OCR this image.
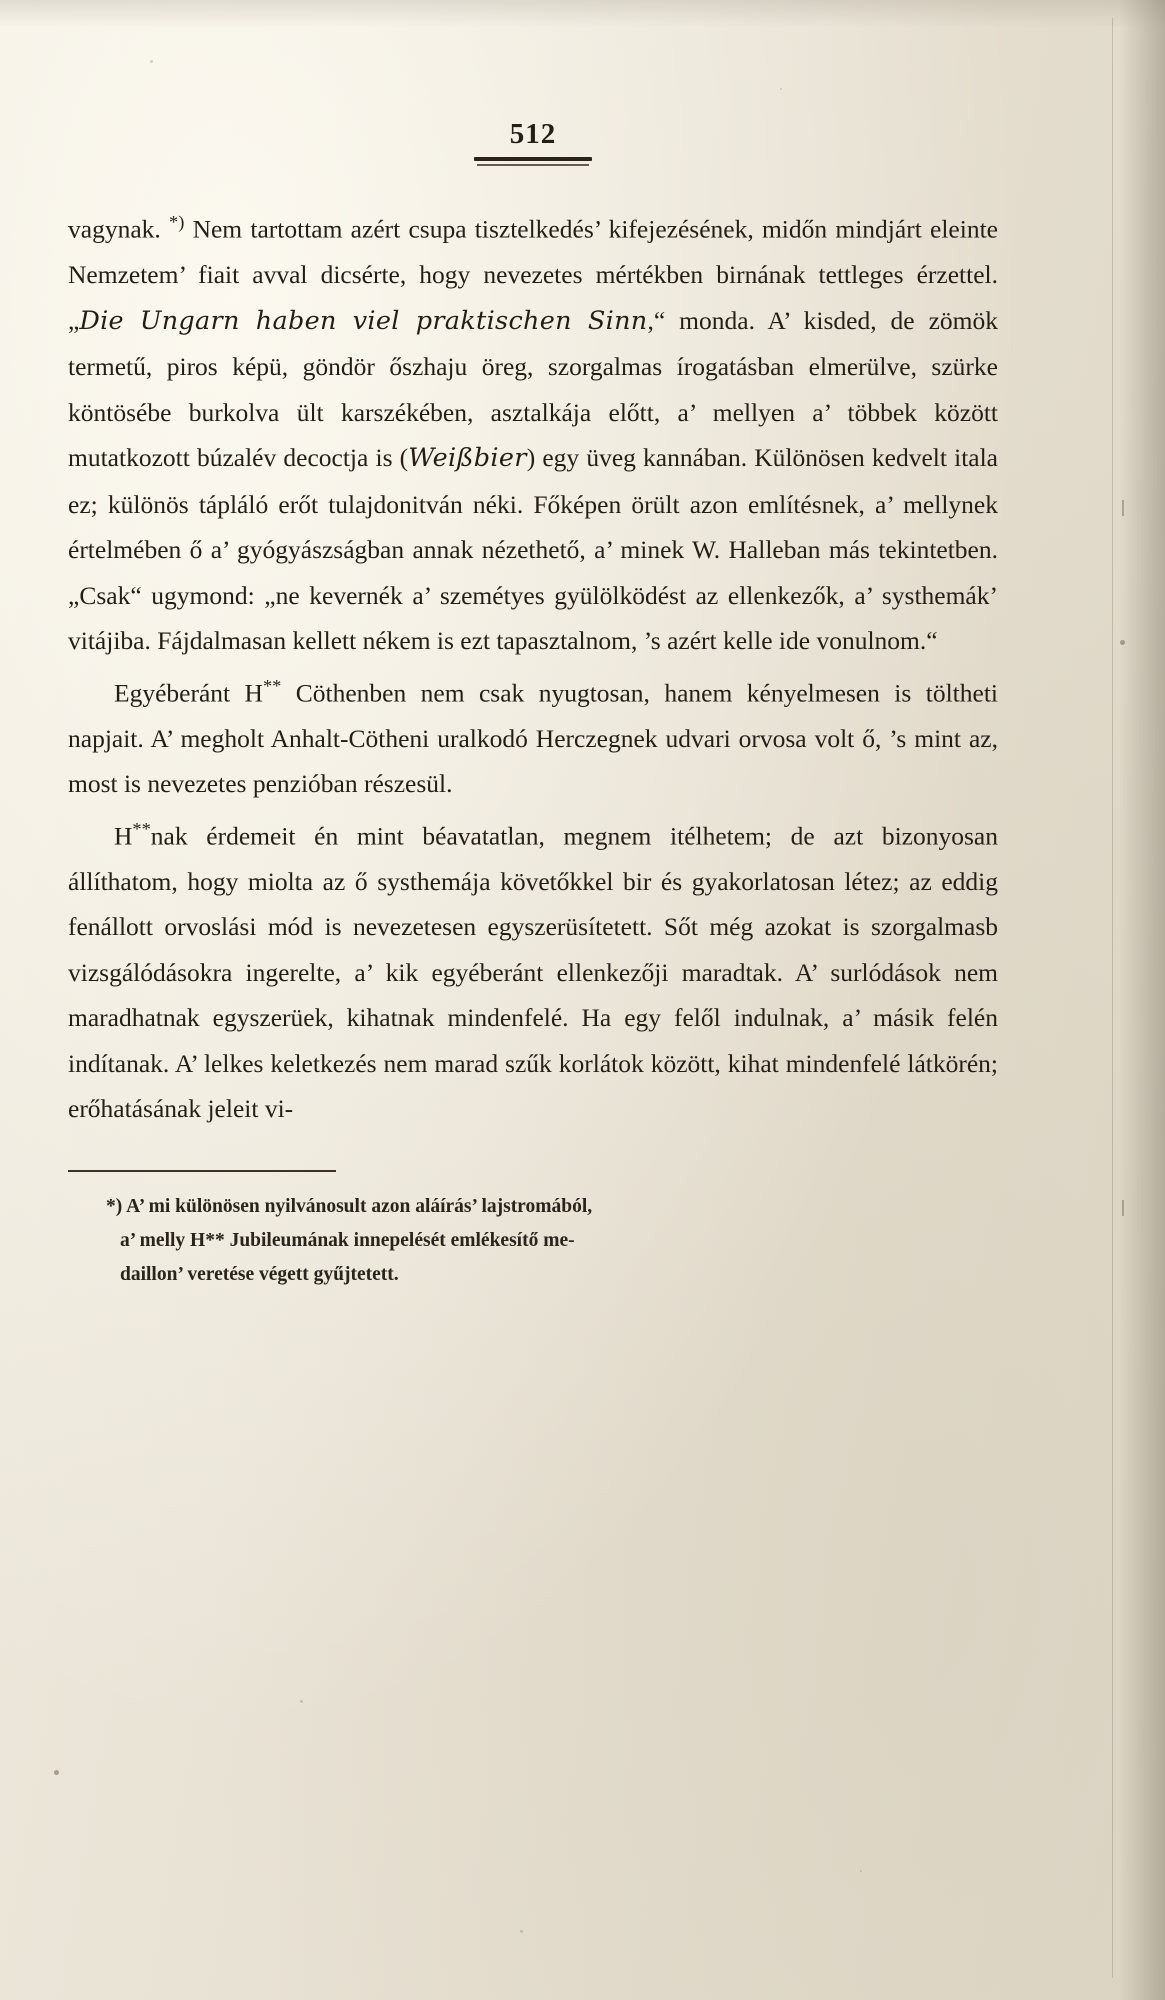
512

vagynak. *) Nem tartottam azért csupa tisztelkedés’ kifejezésének, midőn mindjárt eleinte Nemzetem’ fiait avval dicsérte, hogy nevezetes mértékben birnának tettleges érzettel. „Die Ungarn haben viel praktischen Sinn,“ monda. A’ kisded, de zömök termetű, piros képü, göndör őszhaju öreg, szorgalmas írogatásban elmerülve, szürke köntösébe burkolva ült karszékében, asztalkája előtt, a’ mellyen a’ többek között mutatkozott búzalév decoctja is (Weißbier) egy üveg kannában. Különösen kedvelt itala ez; különös tápláló erőt tulajdonitván néki. Főképen örült azon említésnek, a’ mellynek értelmében ő a’ gyógyászságban annak nézethető, a’ minek W. Halleban más tekintetben. „Csak“ ugymond: „ne kevernék a’ szemétyes gyülölködést az ellenkezők, a’ systhemák’ vitájiba. Fájdalmasan kellett nékem is ezt tapasztalnom, ’s azért kelle ide vonulnom.“

Egyéberánt H** Cöthenben nem csak nyugtosan, hanem kényelmesen is töltheti napjait. A’ megholt Anhalt-Cötheni uralkodó Herczegnek udvari orvosa volt ő, ’s mint az, most is nevezetes penzióban részesül.

H**nak érdemeit én mint béavatatlan, megnem itélhetem; de azt bizonyosan állíthatom, hogy miolta az ő systhemája követőkkel bir és gyakorlatosan létez; az eddig fenállott orvoslási mód is nevezetesen egyszerüsítetett. Sőt még azokat is szorgalmasb vizsgálódásokra ingerelte, a’ kik egyéberánt ellenkezőji maradtak. A’ surlódások nem maradhatnak egyszerüek, kihatnak mindenfelé. Ha egy felől indulnak, a’ másik felén indítanak. A’ lelkes keletkezés nem marad szűk korlátok között, kihat mindenfelé látkörén; erőhatásának jeleit vi-

*) A’ mi különösen nyilvánosult azon aláírás’ lajstromából,
a’ melly H** Jubileumának innepelését emlékesítő me-
daillon’ veretése végett gyűjtetett.
